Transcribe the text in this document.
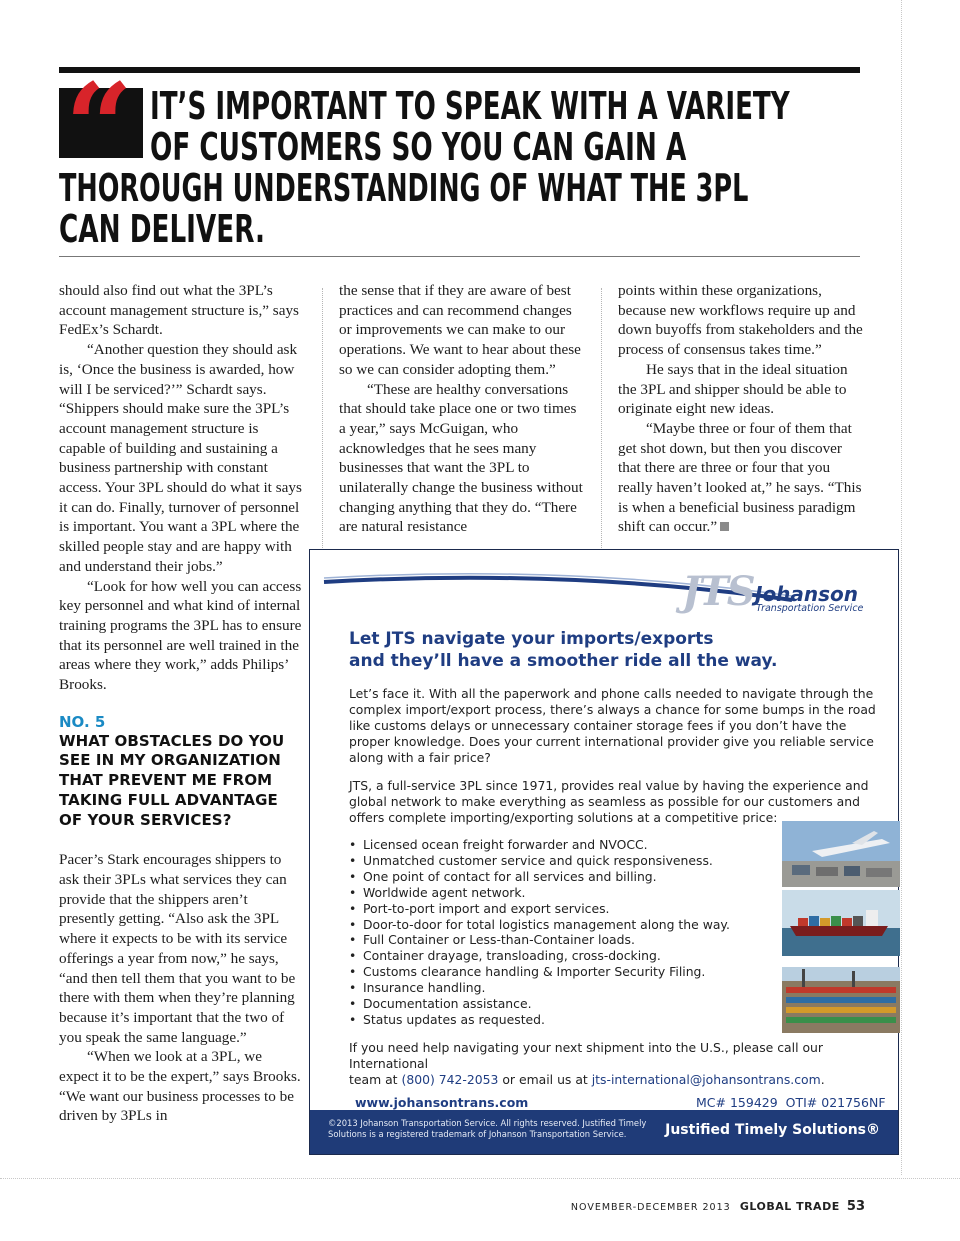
“ IT’S IMPORTANT TO SPEAK WITH A VARIETY
OF CUSTOMERS SO YOU CAN GAIN A
THOROUGH UNDERSTANDING OF WHAT THE 3PL
CAN DELIVER.

should also find out what the 3PL’s account management structure is,” says FedEx’s Schardt.

“Another question they should ask is, ‘Once the business is awarded, how will I be serviced?’” Schardt says. “Shippers should make sure the 3PL’s account management structure is capable of building and sustaining a business partnership with constant access. Your 3PL should do what it says it can do. Finally, turnover of personnel is important. You want a 3PL where the skilled people stay and are happy with and understand their jobs.”

“Look for how well you can access key personnel and what kind of internal training programs the 3PL has to ensure that its personnel are well trained in the areas where they work,” adds Philips’ Brooks.

NO. 5
WHAT OBSTACLES DO YOU SEE IN MY ORGANIZATION THAT PREVENT ME FROM TAKING FULL ADVANTAGE OF YOUR SERVICES?

Pacer’s Stark encourages shippers to ask their 3PLs what services they can provide that the shippers aren’t presently getting. “Also ask the 3PL where it expects to be with its service offerings a year from now,” he says, “and then tell them that you want to be there with them when they’re planning because it’s important that the two of you speak the same language.”

“When we look at a 3PL, we expect it to be the expert,” says Brooks. “We want our business processes to be driven by 3PLs in

the sense that if they are aware of best practices and can recommend changes or improvements we can make to our operations. We want to hear about these so we can consider adopting them.”

“These are healthy conversations that should take place one or two times a year,” says McGuigan, who acknowledges that he sees many businesses that want the 3PL to unilaterally change the business without changing anything that they do. “There are natural resistance

points within these organizations, because new workflows require up and down buyoffs from stakeholders and the process of consensus takes time.”

He says that in the ideal situation the 3PL and shipper should be able to originate eight new ideas.

“Maybe three or four of them that get shot down, but then you discover that there are three or four that you really haven’t looked at,” he says. “This is when a beneficial business paradigm shift can occur.”

JTS Johanson
Transportation Service
Let JTS navigate your imports/exports
and they’ll have a smoother ride all the way.

Let’s face it. With all the paperwork and phone calls needed to navigate through the complex import/export process, there’s always a chance for some bumps in the road like customs delays or unnecessary container storage fees if you don’t have the proper knowledge. Does your current international provider give you reliable service along with a fair price?

JTS, a full-service 3PL since 1971, provides real value by having the experience and global network to make everything as seamless as possible for our customers and offers complete importing/exporting solutions at a competitive price:

• Licensed ocean freight forwarder and NVOCC.
• Unmatched customer service and quick responsiveness.
• One point of contact for all services and billing.
• Worldwide agent network.
• Port-to-port import and export services.
• Door-to-door for total logistics management along the way.
• Full Container or Less-than-Container loads.
• Container drayage, transloading, cross-docking.
• Customs clearance handling & Importer Security Filing.
• Insurance handling.
• Documentation assistance.
• Status updates as requested.

If you need help navigating your next shipment into the U.S., please call our International
team at (800) 742-2053 or email us at jts-international@johansontrans.com.

www.johansontrans.com	MC# 159429 OTI# 021756NF
©2013 Johanson Transportation Service. All rights reserved. Justified Timely Solutions is a registered trademark of Johanson Transportation Service.	Justified Timely Solutions®
NOVEMBER-DECEMBER 2013 GLOBAL TRADE 53
